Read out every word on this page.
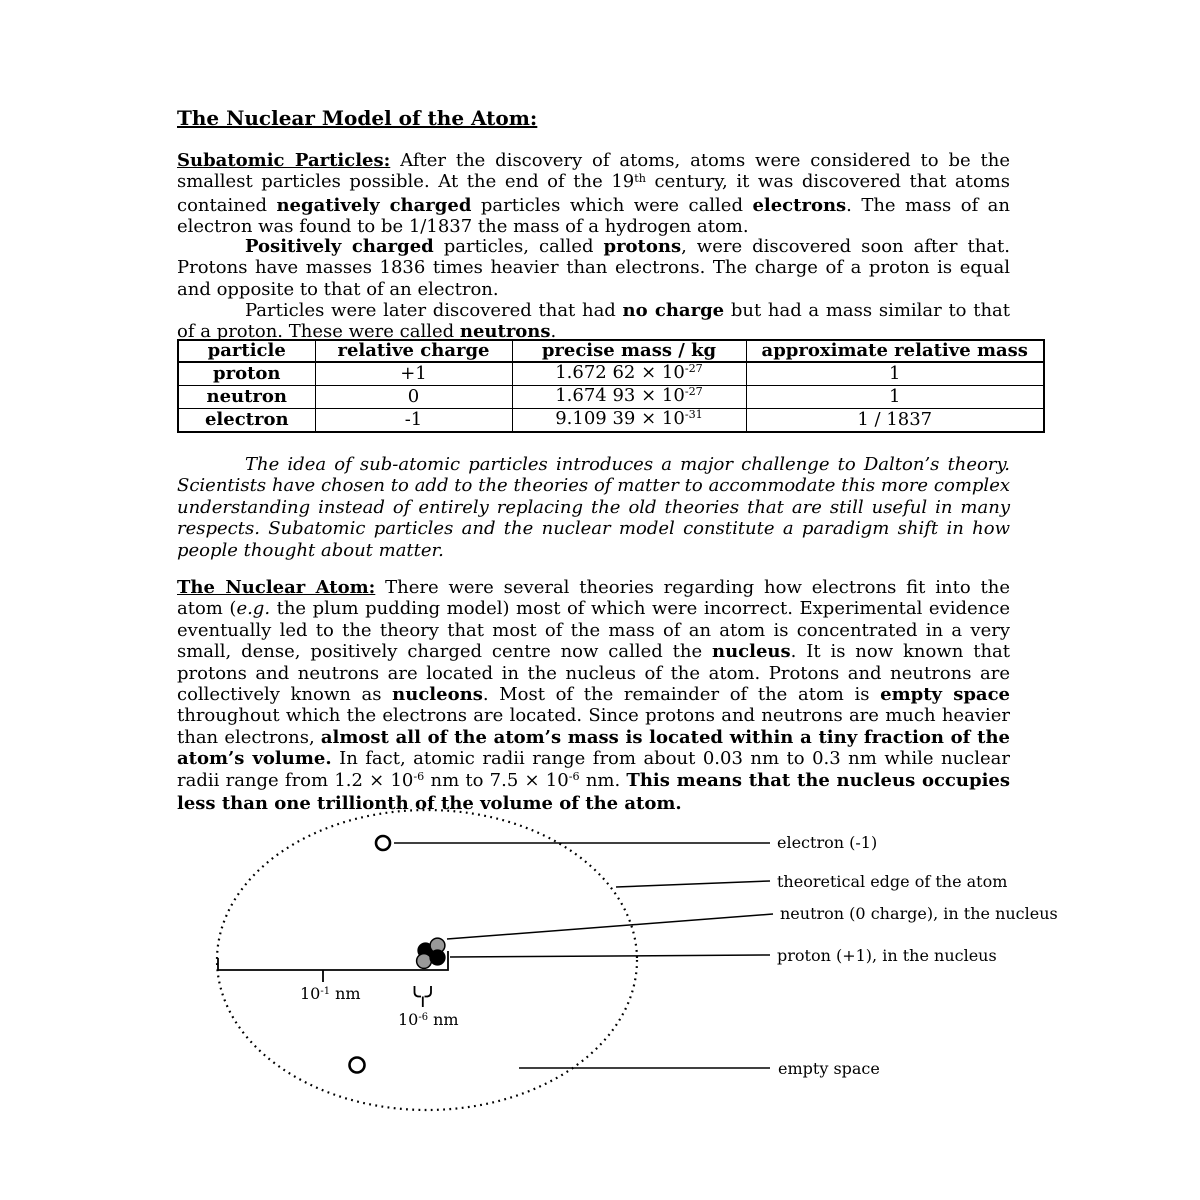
The Nuclear Model of the Atom:
Subatomic Particles: After the discovery of atoms, atoms were considered to be the smallest particles possible. At the end of the 19th century, it was discovered that atoms contained negatively charged particles which were called electrons. The mass of an electron was found to be 1/1837 the mass of a hydrogen atom.
Positively charged particles, called protons, were discovered soon after that. Protons have masses 1836 times heavier than electrons. The charge of a proton is equal and opposite to that of an electron.
Particles were later discovered that had no charge but had a mass similar to that of a proton. These were called neutrons.
particle	relative charge	precise mass / kg	approximate relative mass
proton	+1	1.672 $62 \times 10^{-27}$	1
neutron	0	1.674 $93 \times 10^{-27}$	1
electron	-1	9.109 $39 \times 10^{-31}$	1 / 1837
The idea of sub-atomic particles introduces a major challenge to Dalton’s theory. Scientists have chosen to add to the theories of matter to accommodate this more complex understanding instead of entirely replacing the old theories that are still useful in many respects. Subatomic particles and the nuclear model constitute a paradigm shift in how people thought about matter.
The Nuclear Atom: There were several theories regarding how electrons fit into the atom (e.g. the plum pudding model) most of which were incorrect. Experimental evidence eventually led to the theory that most of the mass of an atom is concentrated in a very small, dense, positively charged centre now called the nucleus. It is now known that protons and neutrons are located in the nucleus of the atom. Protons and neutrons are collectively known as nucleons. Most of the remainder of the atom is empty space throughout which the electrons are located. Since protons and neutrons are much heavier than electrons, almost all of the atom’s mass is located within a tiny fraction of the atom’s volume. In fact, atomic radii range from about 0.03 nm to 0.3 nm while nuclear radii range from $1.2 \times 10^{-6}$ nm to $7.5 \times 10^{-6}$ nm. This means that the nucleus occupies less than one trillionth of the volume of the atom.
electron (-1)
theoretical edge of the atom
neutron (0 charge), in the nucleus
proton (+1), in the nucleus
empty space
$10^{-1}$ nm
$10^{-6}$ nm
